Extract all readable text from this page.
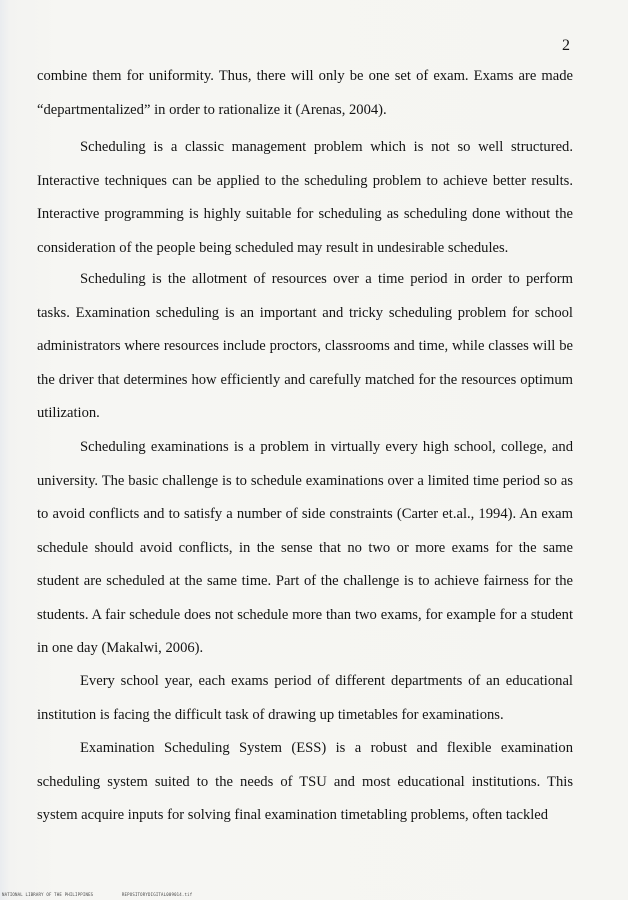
2

combine them for uniformity. Thus, there will only be one set of exam. Exams are made “departmentalized” in order to rationalize it (Arenas, 2004).

Scheduling is a classic management problem which is not so well structured. Interactive techniques can be applied to the scheduling problem to achieve better results. Interactive programming is highly suitable for scheduling as scheduling done without the consideration of the people being scheduled may result in undesirable schedules.

Scheduling is the allotment of resources over a time period in order to perform tasks. Examination scheduling is an important and tricky scheduling problem for school administrators where resources include proctors, classrooms and time, while classes will be the driver that determines how efficiently and carefully matched for the resources optimum utilization.

Scheduling examinations is a problem in virtually every high school, college, and university. The basic challenge is to schedule examinations over a limited time period so as to avoid conflicts and to satisfy a number of side constraints (Carter et.al., 1994). An exam schedule should avoid conflicts, in the sense that no two or more exams for the same student are scheduled at the same time. Part of the challenge is to achieve fairness for the students. A fair schedule does not schedule more than two exams, for example for a student in one day (Makalwi, 2006).

Every school year, each exams period of different departments of an educational institution is facing the difficult task of drawing up timetables for examinations.

Examination Scheduling System (ESS) is a robust and flexible examination scheduling system suited to the needs of TSU and most educational institutions. This system acquire inputs for solving final examination timetabling problems, often tackled

NATIONAL LIBRARY OF THE PHILIPPINES	REPOSITORYDIGITAL009014.tif
